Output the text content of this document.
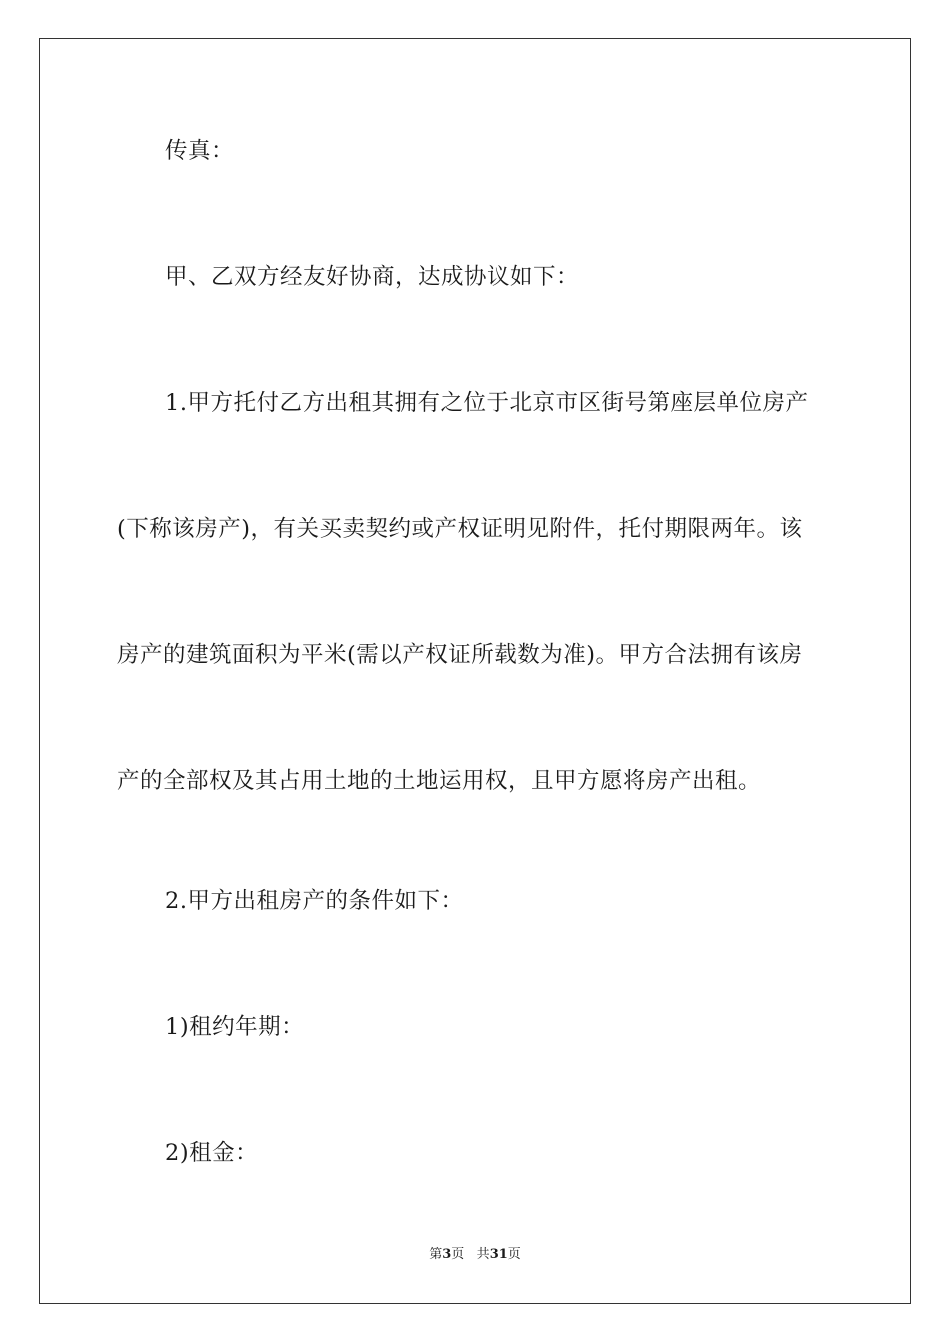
传真：
甲、乙双方经友好协商，达成协议如下：
1.甲方托付乙方出租其拥有之位于北京市区街号第座层单位房产
(下称该房产)，有关买卖契约或产权证明见附件，托付期限两年。该
房产的建筑面积为平米(需以产权证所载数为准)。甲方合法拥有该房
产的全部权及其占用土地的土地运用权，且甲方愿将房产出租。
2.甲方出租房产的条件如下：
1)租约年期：
2)租金：
第3页 共31页
